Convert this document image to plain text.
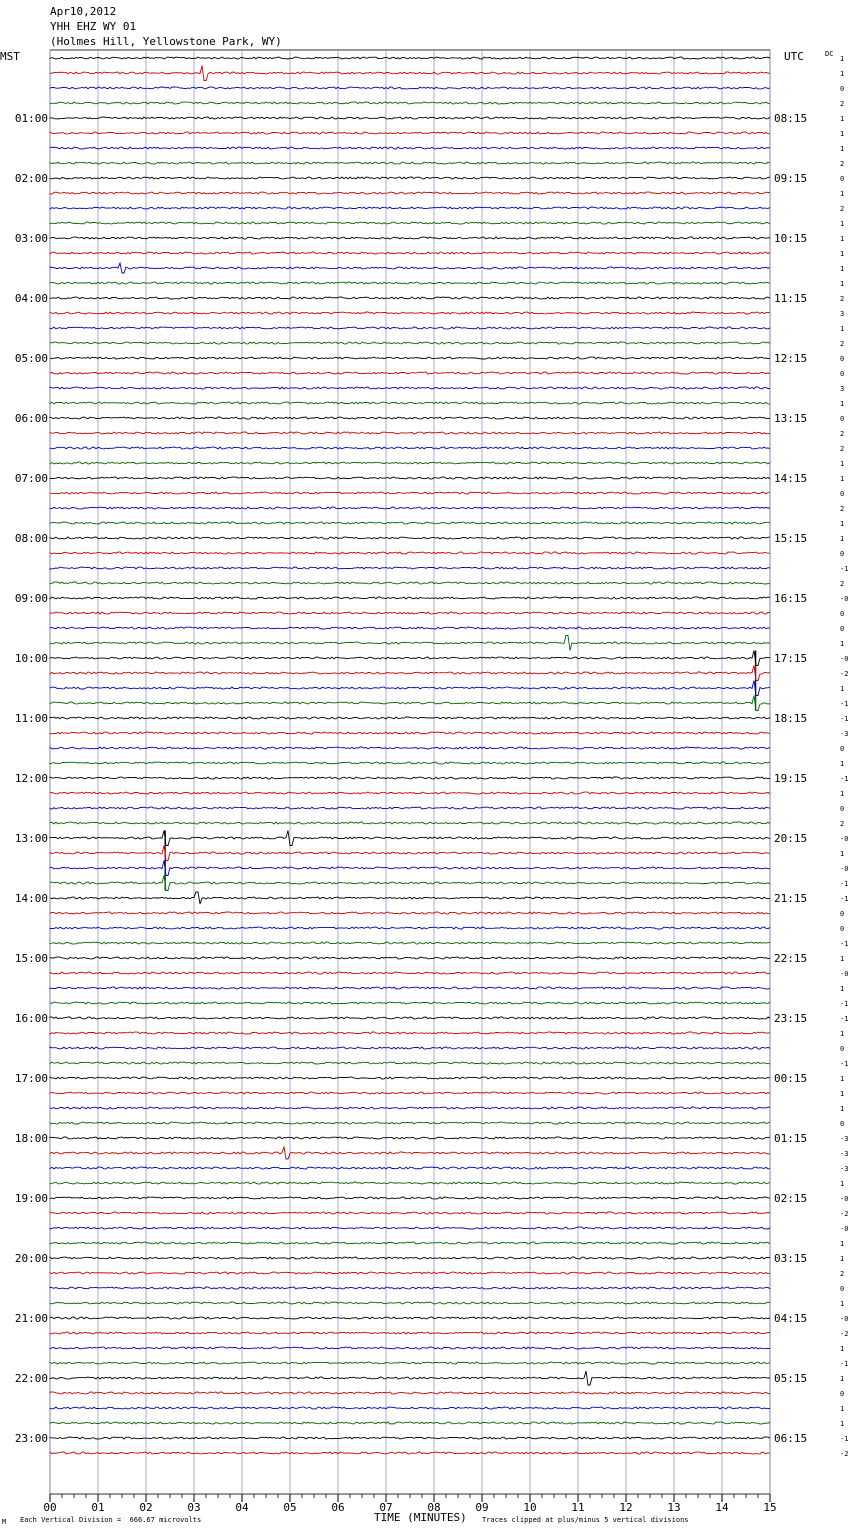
Apr10,2012
YHH EHZ WY 01
(Holmes Hill, Yellowstone Park, WY)
MST	UTC	DC
00	01	02	03	04	05	06	07	08	09	10	11	12	13	14	15
1
1
0
2
1
1
1
2
0
1
2
1
1
1
1
1
2
3
1
2
0
0
3
1
0
2
2
1
1
0
2
1
1
0
-1
2
-0
0
0
1
-0
-2
1
-1
-1
-3
0
1
-1
1
0
2
-0
1
-0
-1
-1
0
0
-1
1
-0
1
-1
-1
1
0
-1
1
1
1
0
-3
-3
-3
1
-0
-2
-0
1
1
2
0
1
-0
-2
1
-1
1
0
1
1
-1
-2
01:00	08:15
02:00	09:15
03:00	10:15
04:00	11:15
05:00	12:15
06:00	13:15
07:00	14:15
08:00	15:15
09:00	16:15
10:00	17:15
11:00	18:15
12:00	19:15
13:00	20:15
14:00	21:15
15:00	22:15
16:00	23:15
17:00	00:15
18:00	01:15
19:00	02:15
20:00	03:15
21:00	04:15
22:00	05:15
23:00	06:15
TIME (MINUTES)
Each Vertical Division =  666.67 microvolts	Traces clipped at plus/minus 5 vertical divisions
M
